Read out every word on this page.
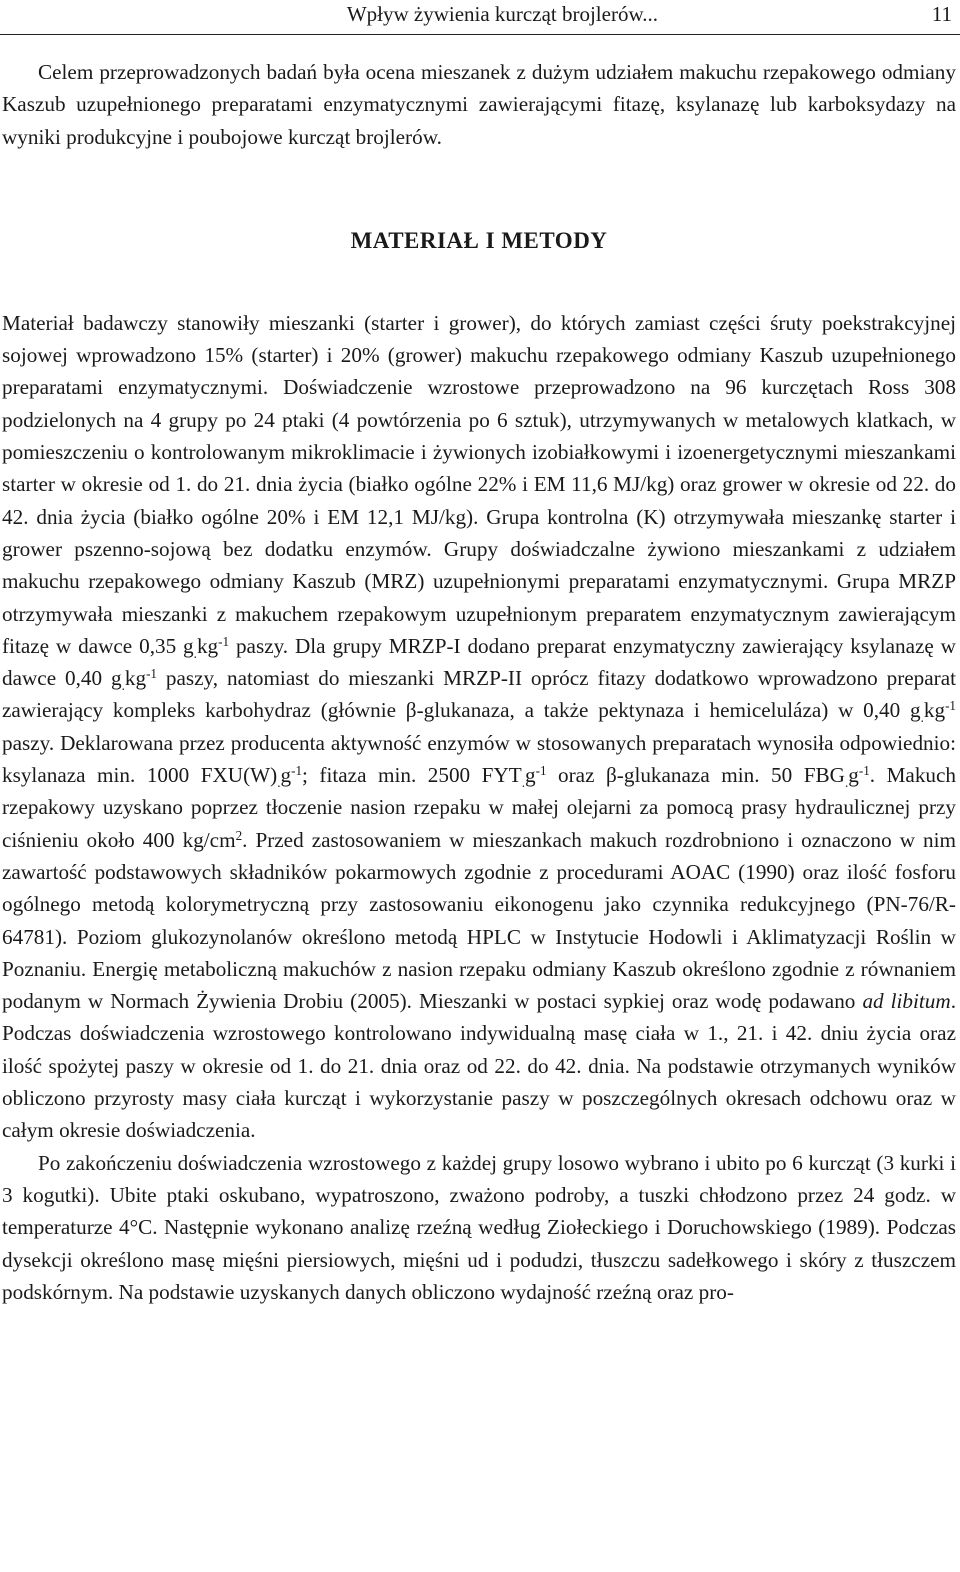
Wpływ żywienia kurcząt brojlerów...	11

Celem przeprowadzonych badań była ocena mieszanek z dużym udziałem makuchu rzepakowego odmiany Kaszub uzupełnionego preparatami enzymatycznymi zawierającymi fitazę, ksylanazę lub karboksydazy na wyniki produkcyjne i poubojowe kurcząt brojlerów.

MATERIAŁ I METODY

Materiał badawczy stanowiły mieszanki (starter i grower), do których zamiast części śruty poekstrakcyjnej sojowej wprowadzono 15% (starter) i 20% (grower) makuchu rzepakowego odmiany Kaszub uzupełnionego preparatami enzymatycznymi. Doświadczenie wzrostowe przeprowadzono na 96 kurczętach Ross 308 podzielonych na 4 grupy po 24 ptaki (4 powtórzenia po 6 sztuk), utrzymywanych w metalowych klatkach, w pomieszczeniu o kontrolowanym mikroklimacie i żywionych izobiałkowymi i izoenergetycznymi mieszankami starter w okresie od 1. do 21. dnia życia (białko ogólne 22% i EM 11,6 MJ/kg) oraz grower w okresie od 22. do 42. dnia życia (białko ogólne 20% i EM 12,1 MJ/kg). Grupa kontrolna (K) otrzymywała mieszankę starter i grower pszenno-sojową bez dodatku enzymów. Grupy doświadczalne żywiono mieszankami z udziałem makuchu rzepakowego odmiany Kaszub (MRZ) uzupełnionymi preparatami enzymatycznymi. Grupa MRZP otrzymywała mieszanki z makuchem rzepakowym uzupełnionym preparatem enzymatycznym zawierającym fitazę w dawce 0,35 $g_.kg^{-1}$ paszy. Dla grupy MRZP-I dodano preparat enzymatyczny zawierający ksylanazę w dawce 0,40 $g_.kg^{-1}$ paszy, natomiast do mieszanki MRZP-II oprócz fitazy dodatkowo wprowadzono preparat zawierający kompleks karbohydraz (głównie β-glukanaza, a także pektynaza i hemiceluláza) w 0,40 $g_.kg^{-1}$ paszy. Deklarowana przez producenta aktywność enzymów w stosowanych preparatach wynosiła odpowiednio: ksylanaza min. 1000 $FXU(W)_.g^{-1}$; fitaza min. 2500 $FYT_.g^{-1}$ oraz β-glukanaza min. 50 $FBG_.g^{-1}$. Makuch rzepakowy uzyskano poprzez tłoczenie nasion rzepaku w małej olejarni za pomocą prasy hydraulicznej przy ciśnieniu około 400 $kg/cm^2$. Przed zastosowaniem w mieszankach makuch rozdrobniono i oznaczono w nim zawartość podstawowych składników pokarmowych zgodnie z procedurami AOAC (1990) oraz ilość fosforu ogólnego metodą kolorymetryczną przy zastosowaniu eikonogenu jako czynnika redukcyjnego (PN-76/R-64781). Poziom glukozynolanów określono metodą HPLC w Instytucie Hodowli i Aklimatyzacji Roślin w Poznaniu. Energię metaboliczną makuchów z nasion rzepaku odmiany Kaszub określono zgodnie z równaniem podanym w Normach Żywienia Drobiu (2005). Mieszanki w postaci sypkiej oraz wodę podawano ad libitum. Podczas doświadczenia wzrostowego kontrolowano indywidualną masę ciała w 1., 21. i 42. dniu życia oraz ilość spożytej paszy w okresie od 1. do 21. dnia oraz od 22. do 42. dnia. Na podstawie otrzymanych wyników obliczono przyrosty masy ciała kurcząt i wykorzystanie paszy w poszczególnych okresach odchowu oraz w całym okresie doświadczenia.

Po zakończeniu doświadczenia wzrostowego z każdej grupy losowo wybrano i ubito po 6 kurcząt (3 kurki i 3 kogutki). Ubite ptaki oskubano, wypatroszono, zważono podroby, a tuszki chłodzono przez 24 godz. w temperaturze 4°C. Następnie wykonano analizę rzeźną według Ziołeckiego i Doruchowskiego (1989). Podczas dysekcji określono masę mięśni piersiowych, mięśni ud i podudzi, tłuszczu sadełkowego i skóry z tłuszczem podskórnym. Na podstawie uzyskanych danych obliczono wydajność rzeźną oraz pro-
